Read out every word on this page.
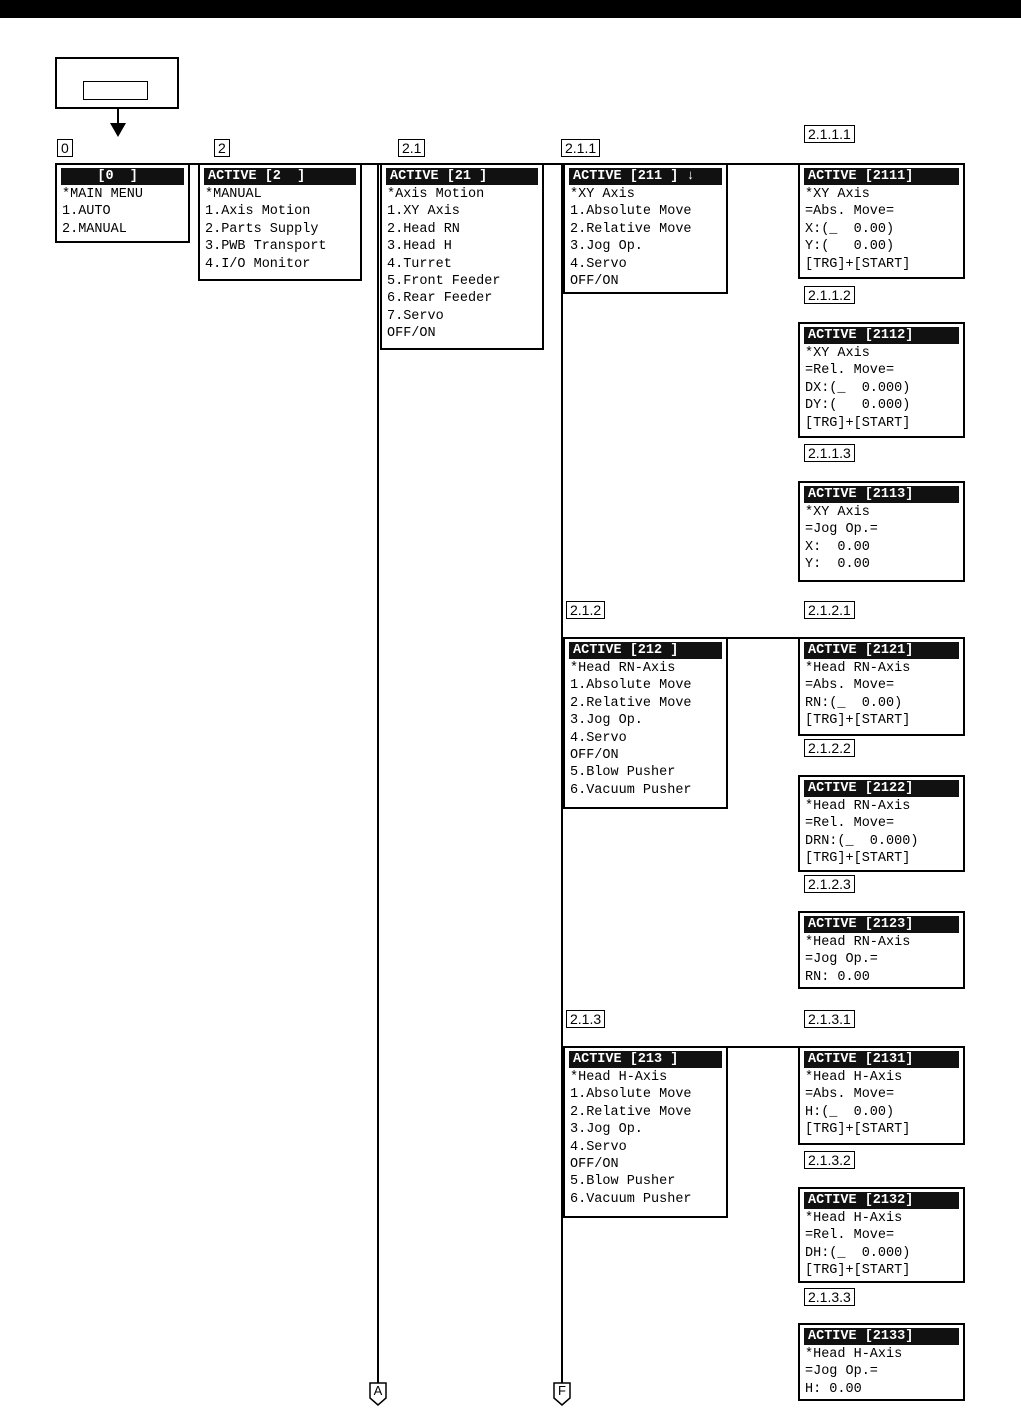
0	2	2.1	2.1.1
2.1.1.1
2.1.1.2
2.1.1.3
2.1.2	2.1.2.1
2.1.2.2
2.1.2.3
2.1.3	2.1.3.1
2.1.3.2
2.1.3.3
[0  ]
*MAIN MENU
1.AUTO
2.MANUAL
ACTIVE [2  ]
*MANUAL
1.Axis Motion
2.Parts Supply
3.PWB Transport
4.I/O Monitor
ACTIVE [21 ]
*Axis Motion
1.XY Axis
2.Head RN
3.Head H
4.Turret
5.Front Feeder
6.Rear Feeder
7.Servo
OFF/ON
ACTIVE [211 ] ↓
*XY Axis
1.Absolute Move
2.Relative Move
3.Jog Op.
4.Servo
OFF/ON
ACTIVE [2111]
*XY Axis
=Abs. Move=
X:(_  0.00)
Y:(   0.00)
[TRG]+[START]
ACTIVE [2112]
*XY Axis
=Rel. Move=
DX:(_  0.000)
DY:(   0.000)
[TRG]+[START]
ACTIVE [2113]
*XY Axis
=Jog Op.=
X:  0.00
Y:  0.00
ACTIVE [212 ]
*Head RN-Axis
1.Absolute Move
2.Relative Move
3.Jog Op.
4.Servo
OFF/ON
5.Blow Pusher
6.Vacuum Pusher
ACTIVE [2121]
*Head RN-Axis
=Abs. Move=
RN:(_  0.00)
[TRG]+[START]
ACTIVE [2122]
*Head RN-Axis
=Rel. Move=
DRN:(_  0.000)
[TRG]+[START]
ACTIVE [2123]
*Head RN-Axis
=Jog Op.=
RN: 0.00
ACTIVE [213 ]
*Head H-Axis
1.Absolute Move
2.Relative Move
3.Jog Op.
4.Servo
OFF/ON
5.Blow Pusher
6.Vacuum Pusher
ACTIVE [2131]
*Head H-Axis
=Abs. Move=
H:(_  0.00)
[TRG]+[START]
ACTIVE [2132]
*Head H-Axis
=Rel. Move=
DH:(_  0.000)
[TRG]+[START]
ACTIVE [2133]
*Head H-Axis
=Jog Op.=
H: 0.00
A	F
